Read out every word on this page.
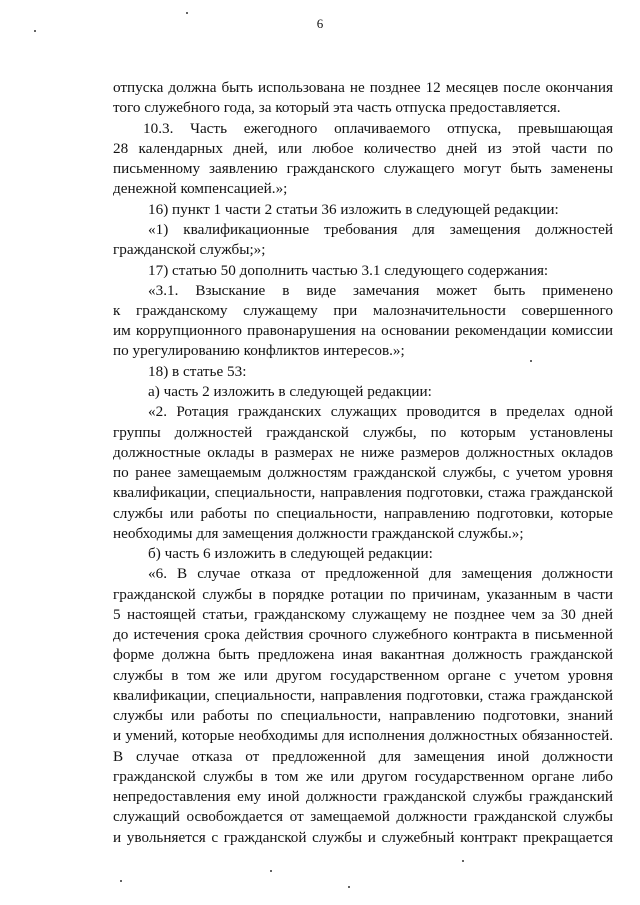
6
отпуска должна быть использована не позднее 12 месяцев после окончания
того служебного года, за который эта часть отпуска предоставляется.
10.3. Часть ежегодного оплачиваемого отпуска, превышающая
28 календарных дней, или любое количество дней из этой части по
письменному заявлению гражданского служащего могут быть заменены
денежной компенсацией.»;
16) пункт 1 части 2 статьи 36 изложить в следующей редакции:
«1) квалификационные требования для замещения должностей
гражданской службы;»;
17) статью 50 дополнить частью 3.1 следующего содержания:
«3.1. Взыскание в виде замечания может быть применено
к гражданскому служащему при малозначительности совершенного
им коррупционного правонарушения на основании рекомендации комиссии
по урегулированию конфликтов интересов.»;
18) в статье 53:
а) часть 2 изложить в следующей редакции:
«2. Ротация гражданских служащих проводится в пределах одной
группы должностей гражданской службы, по которым установлены
должностные оклады в размерах не ниже размеров должностных окладов
по ранее замещаемым должностям гражданской службы, с учетом уровня
квалификации, специальности, направления подготовки, стажа гражданской
службы или работы по специальности, направлению подготовки, которые
необходимы для замещения должности гражданской службы.»;
б) часть 6 изложить в следующей редакции:
«6. В случае отказа от предложенной для замещения должности
гражданской службы в порядке ротации по причинам, указанным в части
5 настоящей статьи, гражданскому служащему не позднее чем за 30 дней
до истечения срока действия срочного служебного контракта в письменной
форме должна быть предложена иная вакантная должность гражданской
службы в том же или другом государственном органе с учетом уровня
квалификации, специальности, направления подготовки, стажа гражданской
службы или работы по специальности, направлению подготовки, знаний
и умений, которые необходимы для исполнения должностных обязанностей.
В случае отказа от предложенной для замещения иной должности
гражданской службы в том же или другом государственном органе либо
непредоставления ему иной должности гражданской службы гражданский
служащий освобождается от замещаемой должности гражданской службы
и увольняется с гражданской службы и служебный контракт прекращается
